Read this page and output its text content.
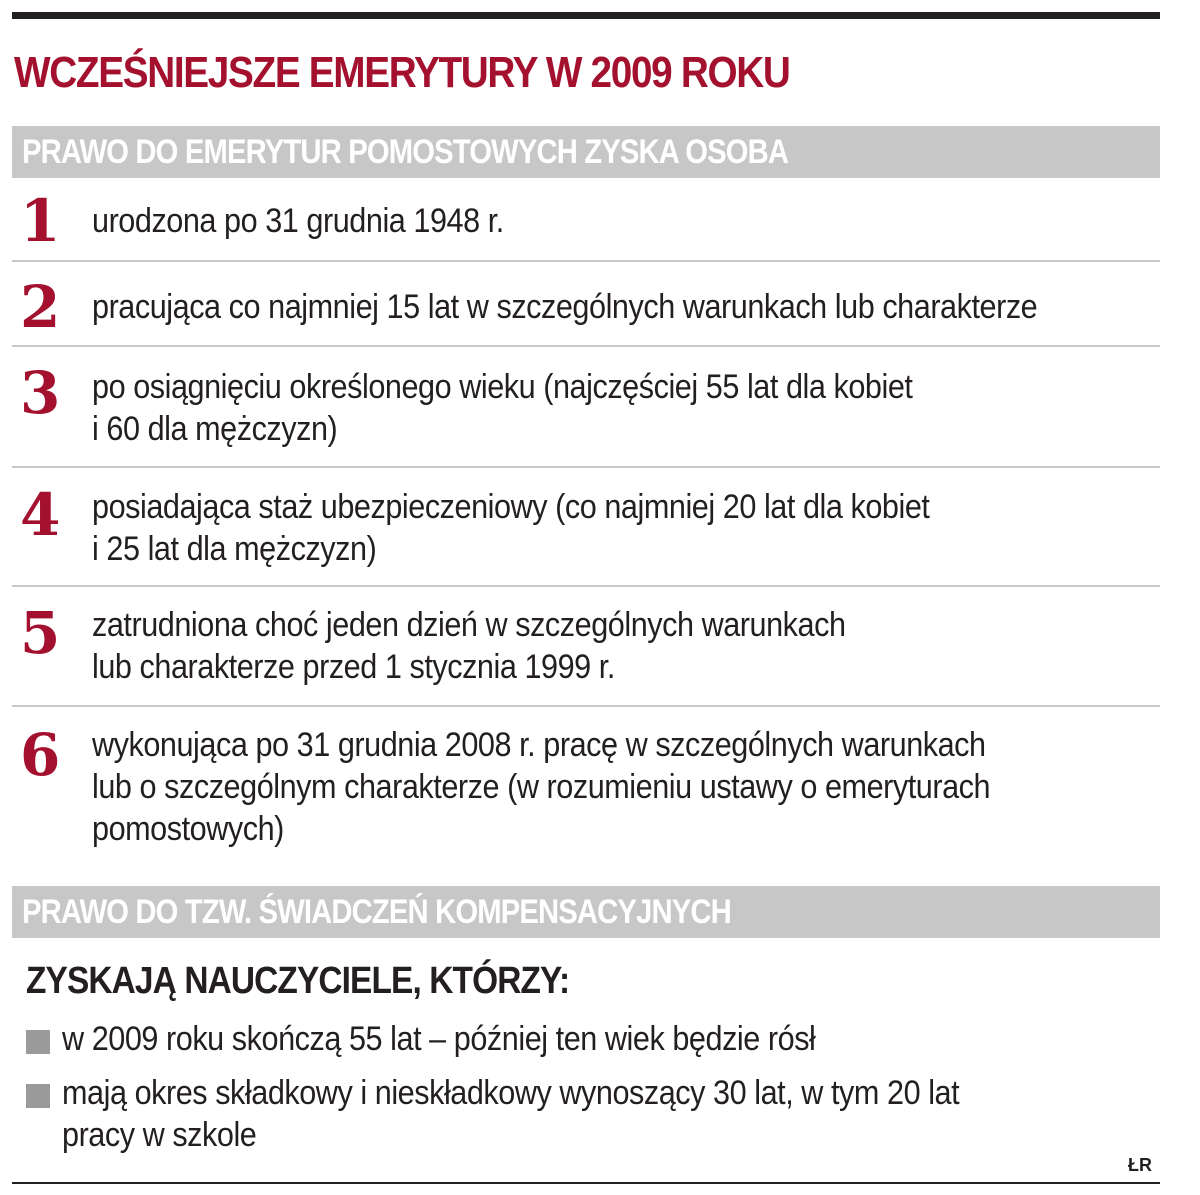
WCZEŚNIEJSZE EMERYTURY W 2009 ROKU
PRAWO DO EMERYTUR POMOSTOWYCH ZYSKA OSOBA
1 urodzona po 31 grudnia 1948 r.
2 pracująca co najmniej 15 lat w szczególnych warunkach lub charakterze
3 po osiągnięciu określonego wieku (najczęściej 55 lat dla kobiet
i 60 dla mężczyzn)
4 posiadająca staż ubezpieczeniowy (co najmniej 20 lat dla kobiet
i 25 lat dla mężczyzn)
5 zatrudniona choć jeden dzień w szczególnych warunkach
lub charakterze przed 1 stycznia 1999 r.
6 wykonująca po 31 grudnia 2008 r. pracę w szczególnych warunkach
lub o szczególnym charakterze (w rozumieniu ustawy o emeryturach
pomostowych)
PRAWO DO TZW. ŚWIADCZEŃ KOMPENSACYJNYCH
ZYSKAJĄ NAUCZYCIELE, KTÓRZY:
w 2009 roku skończą 55 lat – później ten wiek będzie rósł
mają okres składkowy i nieskładkowy wynoszący 30 lat, w tym 20 lat
pracy w szkole
ŁR
